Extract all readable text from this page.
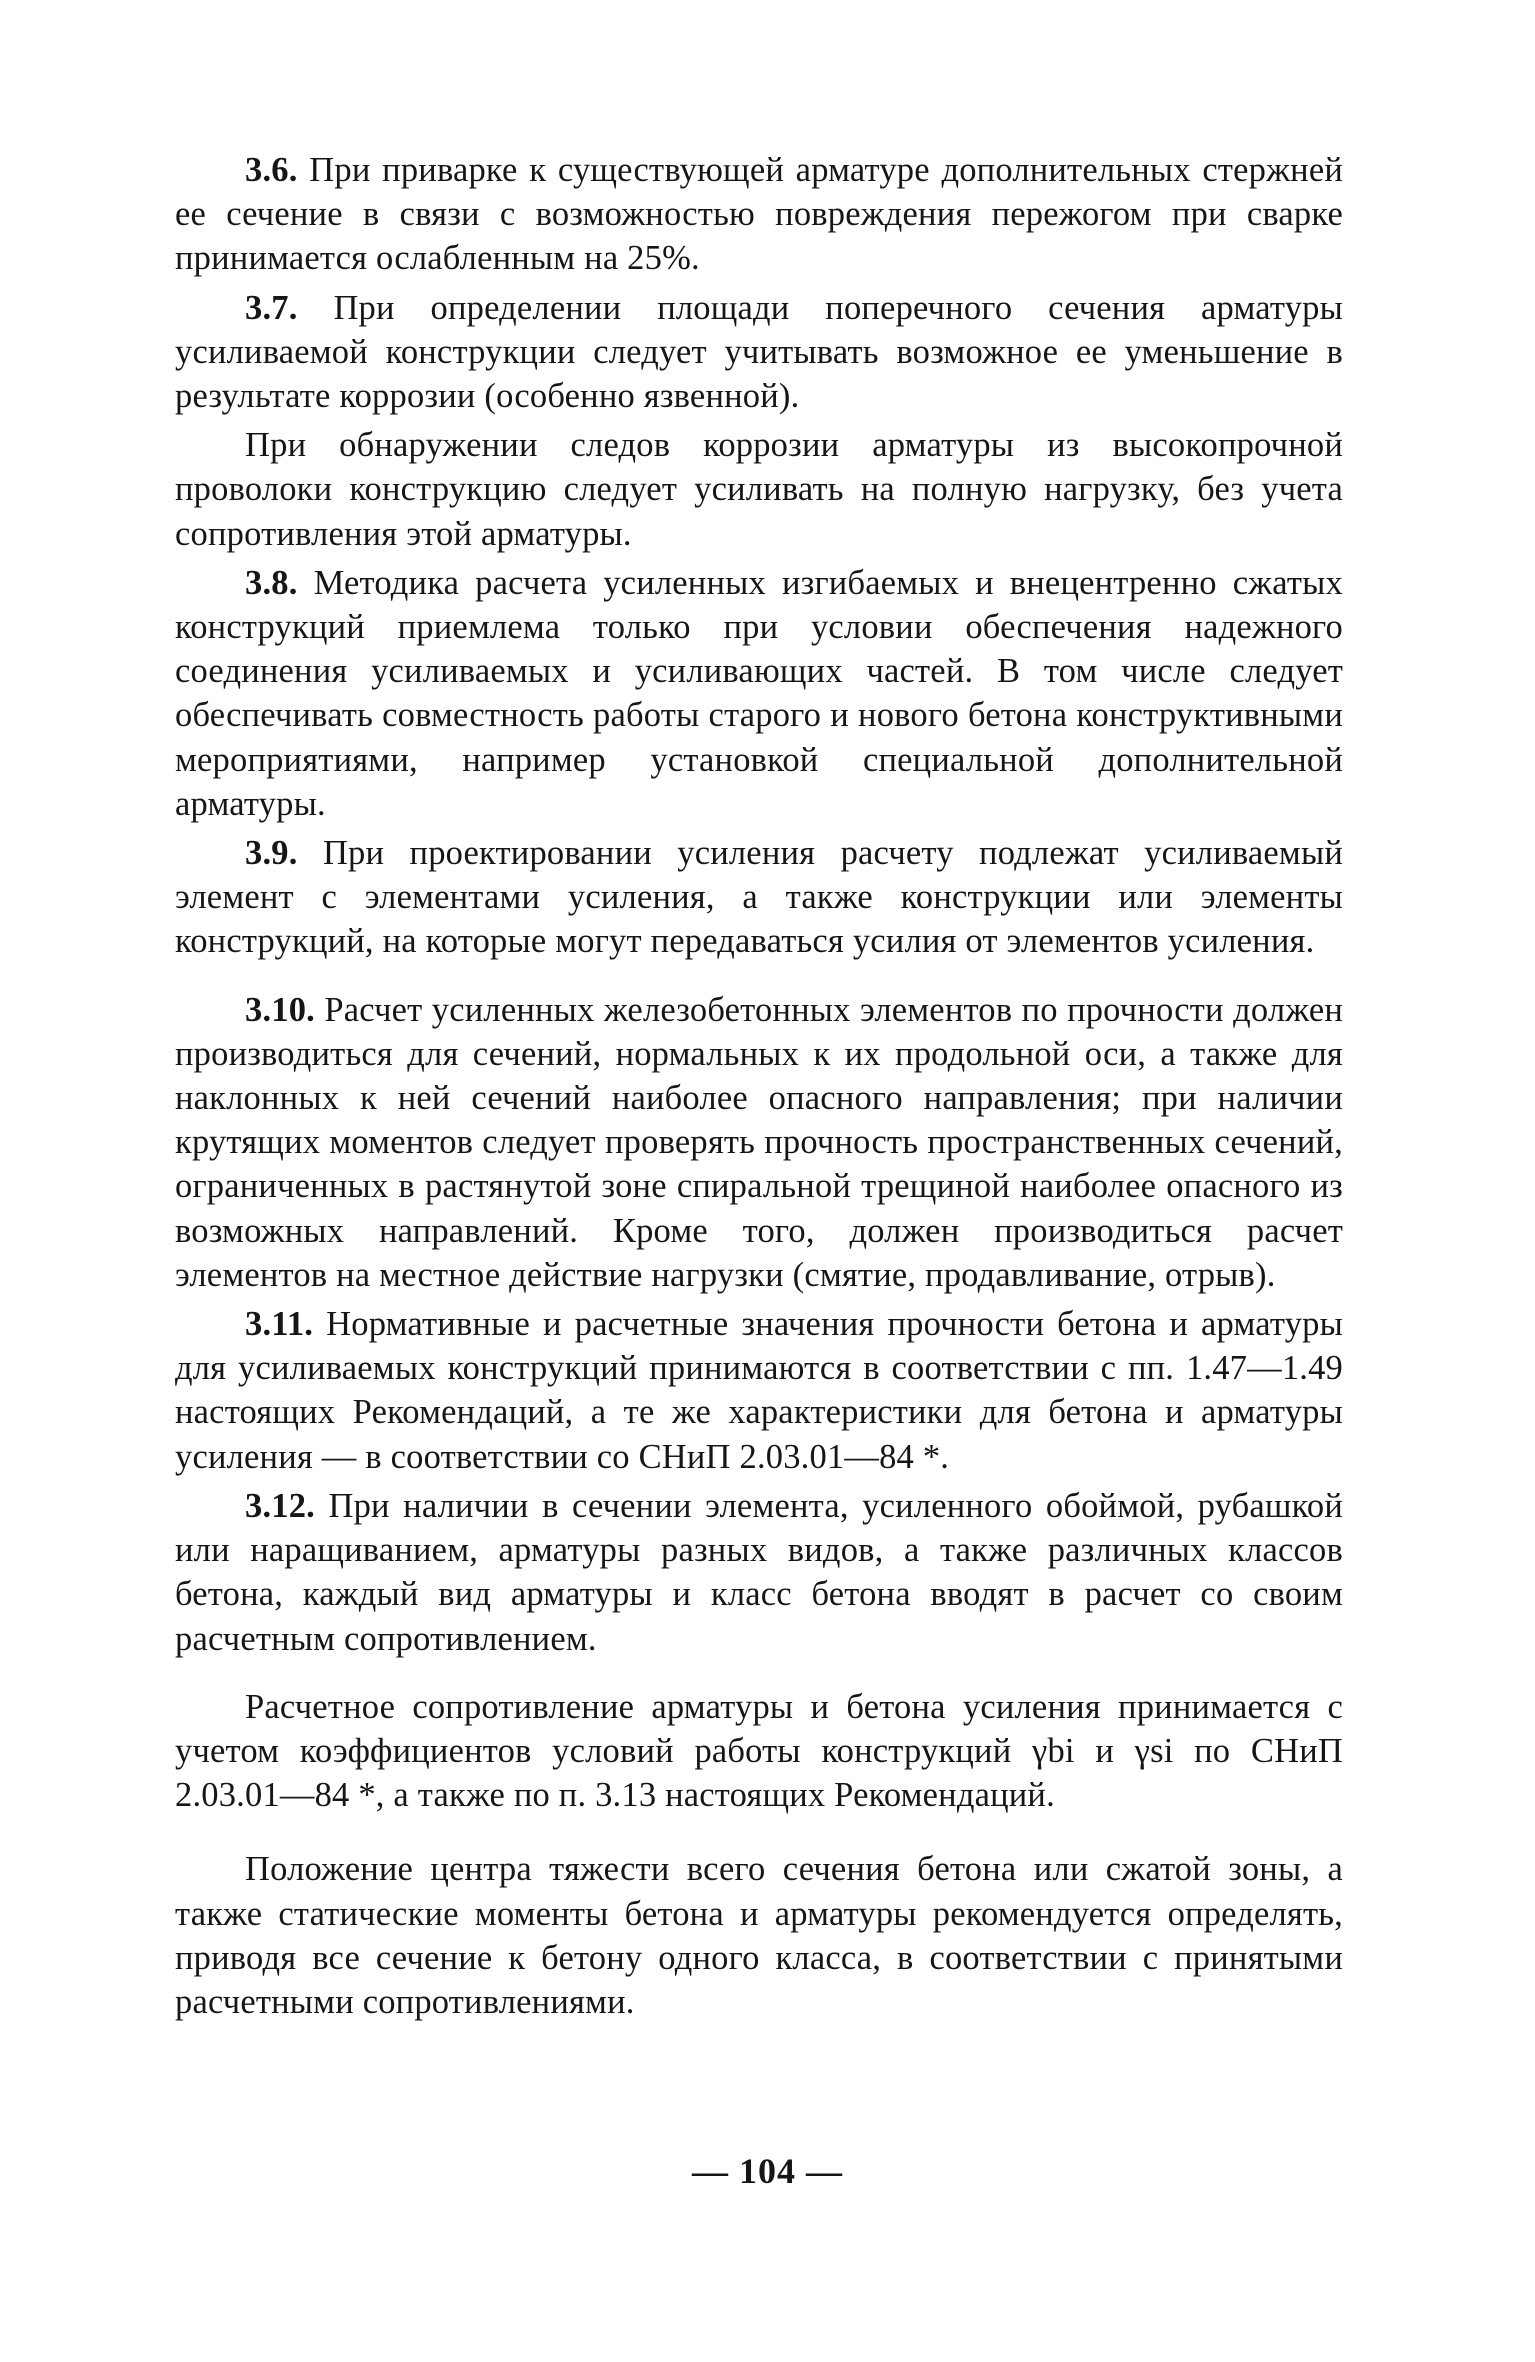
3.6. При приварке к существующей арматуре дополнительных стержней ее сечение в связи с возможностью повреждения пережогом при сварке принимается ослабленным на 25%.

3.7. При определении площади поперечного сечения арматуры усиливаемой конструкции следует учитывать возможное ее уменьшение в результате коррозии (особенно язвенной).

При обнаружении следов коррозии арматуры из высокопрочной проволоки конструкцию следует усиливать на полную нагрузку, без учета сопротивления этой арматуры.

3.8. Методика расчета усиленных изгибаемых и внецентренно сжатых конструкций приемлема только при условии обеспечения надежного соединения усиливаемых и усиливающих частей. В том числе следует обеспечивать совместность работы старого и нового бетона конструктивными мероприятиями, например установкой специальной дополнительной арматуры.

3.9. При проектировании усиления расчету подлежат усиливаемый элемент с элементами усиления, а также конструкции или элементы конструкций, на которые могут передаваться усилия от элементов усиления.

3.10. Расчет усиленных железобетонных элементов по прочности должен производиться для сечений, нормальных к их продольной оси, а также для наклонных к ней сечений наиболее опасного направления; при наличии крутящих моментов следует проверять прочность пространственных сечений, ограниченных в растянутой зоне спиральной трещиной наиболее опасного из возможных направлений. Кроме того, должен производиться расчет элементов на местное действие нагрузки (смятие, продавливание, отрыв).

3.11. Нормативные и расчетные значения прочности бетона и арматуры для усиливаемых конструкций принимаются в соответствии с пп. 1.47—1.49 настоящих Рекомендаций, а те же характеристики для бетона и арматуры усиления — в соответствии со СНиП 2.03.01—84 *.

3.12. При наличии в сечении элемента, усиленного обоймой, рубашкой или наращиванием, арматуры разных видов, а также различных классов бетона, каждый вид арматуры и класс бетона вводят в расчет со своим расчетным сопротивлением.

Расчетное сопротивление арматуры и бетона усиления принимается с учетом коэффициентов условий работы конструкций γbi и γsi по СНиП 2.03.01—84 *, а также по п. 3.13 настоящих Рекомендаций.

Положение центра тяжести всего сечения бетона или сжатой зоны, а также статические моменты бетона и арматуры рекомендуется определять, приводя все сечение к бетону одного класса, в соответствии с принятыми расчетными сопротивлениями.

— 104 —
